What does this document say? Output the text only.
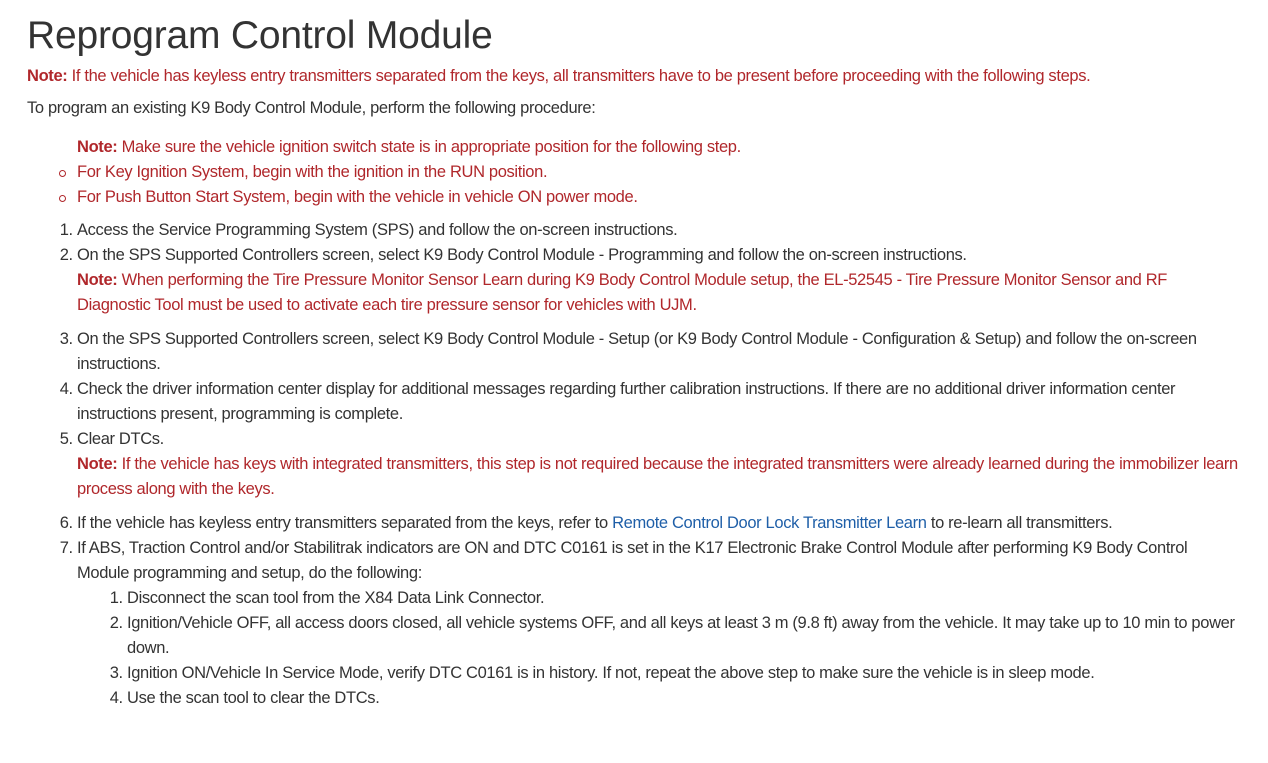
Reprogram Control Module

Note: If the vehicle has keyless entry transmitters separated from the keys, all transmitters have to be present before proceeding with the following steps.

To program an existing K9 Body Control Module, perform the following procedure:

Note: Make sure the vehicle ignition switch state is in appropriate position for the following step.

For Key Ignition System, begin with the ignition in the RUN position.
For Push Button Start System, begin with the vehicle in vehicle ON power mode.
1. Access the Service Programming System (SPS) and follow the on-screen instructions.
2. On the SPS Supported Controllers screen, select K9 Body Control Module - Programming and follow the on-screen instructions.

Note: When performing the Tire Pressure Monitor Sensor Learn during K9 Body Control Module setup, the EL-52545 - Tire Pressure Monitor Sensor and RF Diagnostic Tool must be used to activate each tire pressure sensor for vehicles with UJM.

3. On the SPS Supported Controllers screen, select K9 Body Control Module - Setup (or K9 Body Control Module - Configuration & Setup) and follow the on-screen instructions.
4. Check the driver information center display for additional messages regarding further calibration instructions. If there are no additional driver information center instructions present, programming is complete.
5. Clear DTCs.

Note: If the vehicle has keys with integrated transmitters, this step is not required because the integrated transmitters were already learned during the immobilizer learn process along with the keys.

6. If the vehicle has keyless entry transmitters separated from the keys, refer to Remote Control Door Lock Transmitter Learn to re-learn all transmitters.
7. If ABS, Traction Control and/or Stabilitrak indicators are ON and DTC C0161 is set in the K17 Electronic Brake Control Module after performing K9 Body Control Module programming and setup, do the following:
1. Disconnect the scan tool from the X84 Data Link Connector.
2. Ignition/Vehicle OFF, all access doors closed, all vehicle systems OFF, and all keys at least 3 m (9.8 ft) away from the vehicle. It may take up to 10 min to power down.
3. Ignition ON/Vehicle In Service Mode, verify DTC C0161 is in history. If not, repeat the above step to make sure the vehicle is in sleep mode.
4. Use the scan tool to clear the DTCs.
